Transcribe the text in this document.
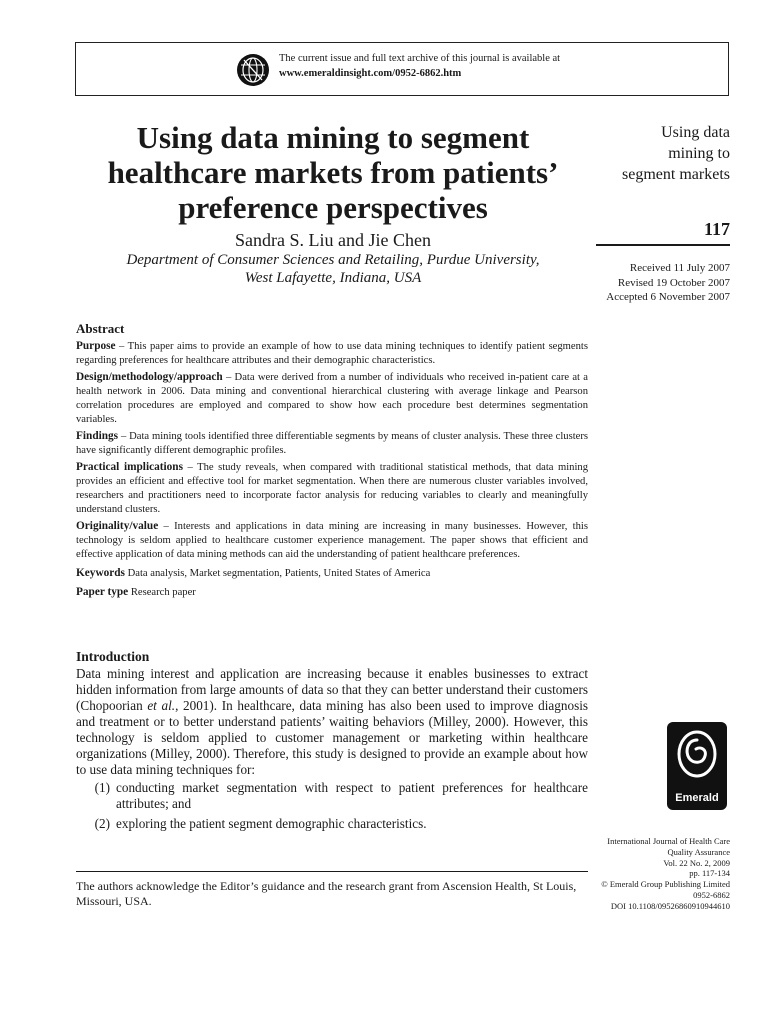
The current issue and full text archive of this journal is available at
www.emeraldinsight.com/0952-6862.htm
Using data mining to segment
healthcare markets from patients’
preference perspectives
Sandra S. Liu and Jie Chen
Department of Consumer Sciences and Retailing, Purdue University,
West Lafayette, Indiana, USA
Using data
mining to
segment markets
117
Received 11 July 2007
Revised 19 October 2007
Accepted 6 November 2007
Abstract

Purpose – This paper aims to provide an example of how to use data mining techniques to identify patient segments regarding preferences for healthcare attributes and their demographic characteristics.

Design/methodology/approach – Data were derived from a number of individuals who received in-patient care at a health network in 2006. Data mining and conventional hierarchical clustering with average linkage and Pearson correlation procedures are employed and compared to show how each procedure best determines segmentation variables.

Findings – Data mining tools identified three differentiable segments by means of cluster analysis. These three clusters have significantly different demographic profiles.

Practical implications – The study reveals, when compared with traditional statistical methods, that data mining provides an efficient and effective tool for market segmentation. When there are numerous cluster variables involved, researchers and practitioners need to incorporate factor analysis for reducing variables to clearly and meaningfully understand clusters.

Originality/value – Interests and applications in data mining are increasing in many businesses. However, this technology is seldom applied to healthcare customer experience management. The paper shows that efficient and effective application of data mining methods can aid the understanding of patient healthcare preferences.

Keywords Data analysis, Market segmentation, Patients, United States of America

Paper type Research paper

Introduction

Data mining interest and application are increasing because it enables businesses to extract hidden information from large amounts of data so that they can better understand their customers (Chopoorian et al., 2001). In healthcare, data mining has also been used to improve diagnosis and treatment or to better understand patients’ waiting behaviors (Milley, 2000). However, this technology is seldom applied to customer management or marketing within healthcare organizations (Milley, 2000). Therefore, this study is designed to provide an example about how to use data mining techniques for:

(1) conducting market segmentation with respect to patient preferences for healthcare attributes; and
(2) exploring the patient segment demographic characteristics.
The authors acknowledge the Editor’s guidance and the research grant from Ascension Health, St Louis, Missouri, USA.
Emerald
International Journal of Health Care
Quality Assurance
Vol. 22 No. 2, 2009
pp. 117-134
© Emerald Group Publishing Limited
0952-6862
DOI 10.1108/09526860910944610
